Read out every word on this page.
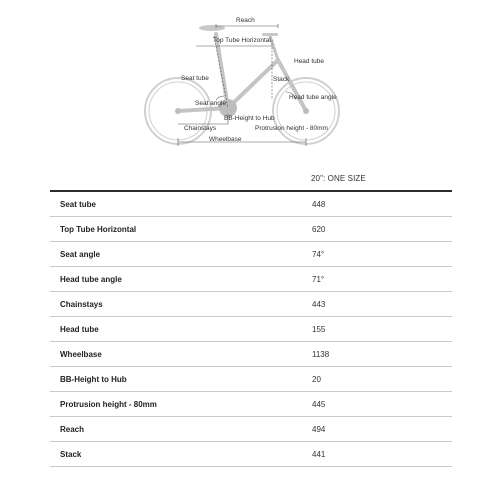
Reach
Top Tube Horizontal
Head tube
Stack
Seat tube
Head tube angle
Seat angle
BB-Height to Hub
Chainstays	Protrusion height - 80mm
Wheelbase
20": ONE SIZE
Seat tube	448
Top Tube Horizontal	620
Seat angle	74°
Head tube angle	71°
Chainstays	443
Head tube	155
Wheelbase	1138
BB-Height to Hub	20
Protrusion height - 80mm	445
Reach	494
Stack	441
